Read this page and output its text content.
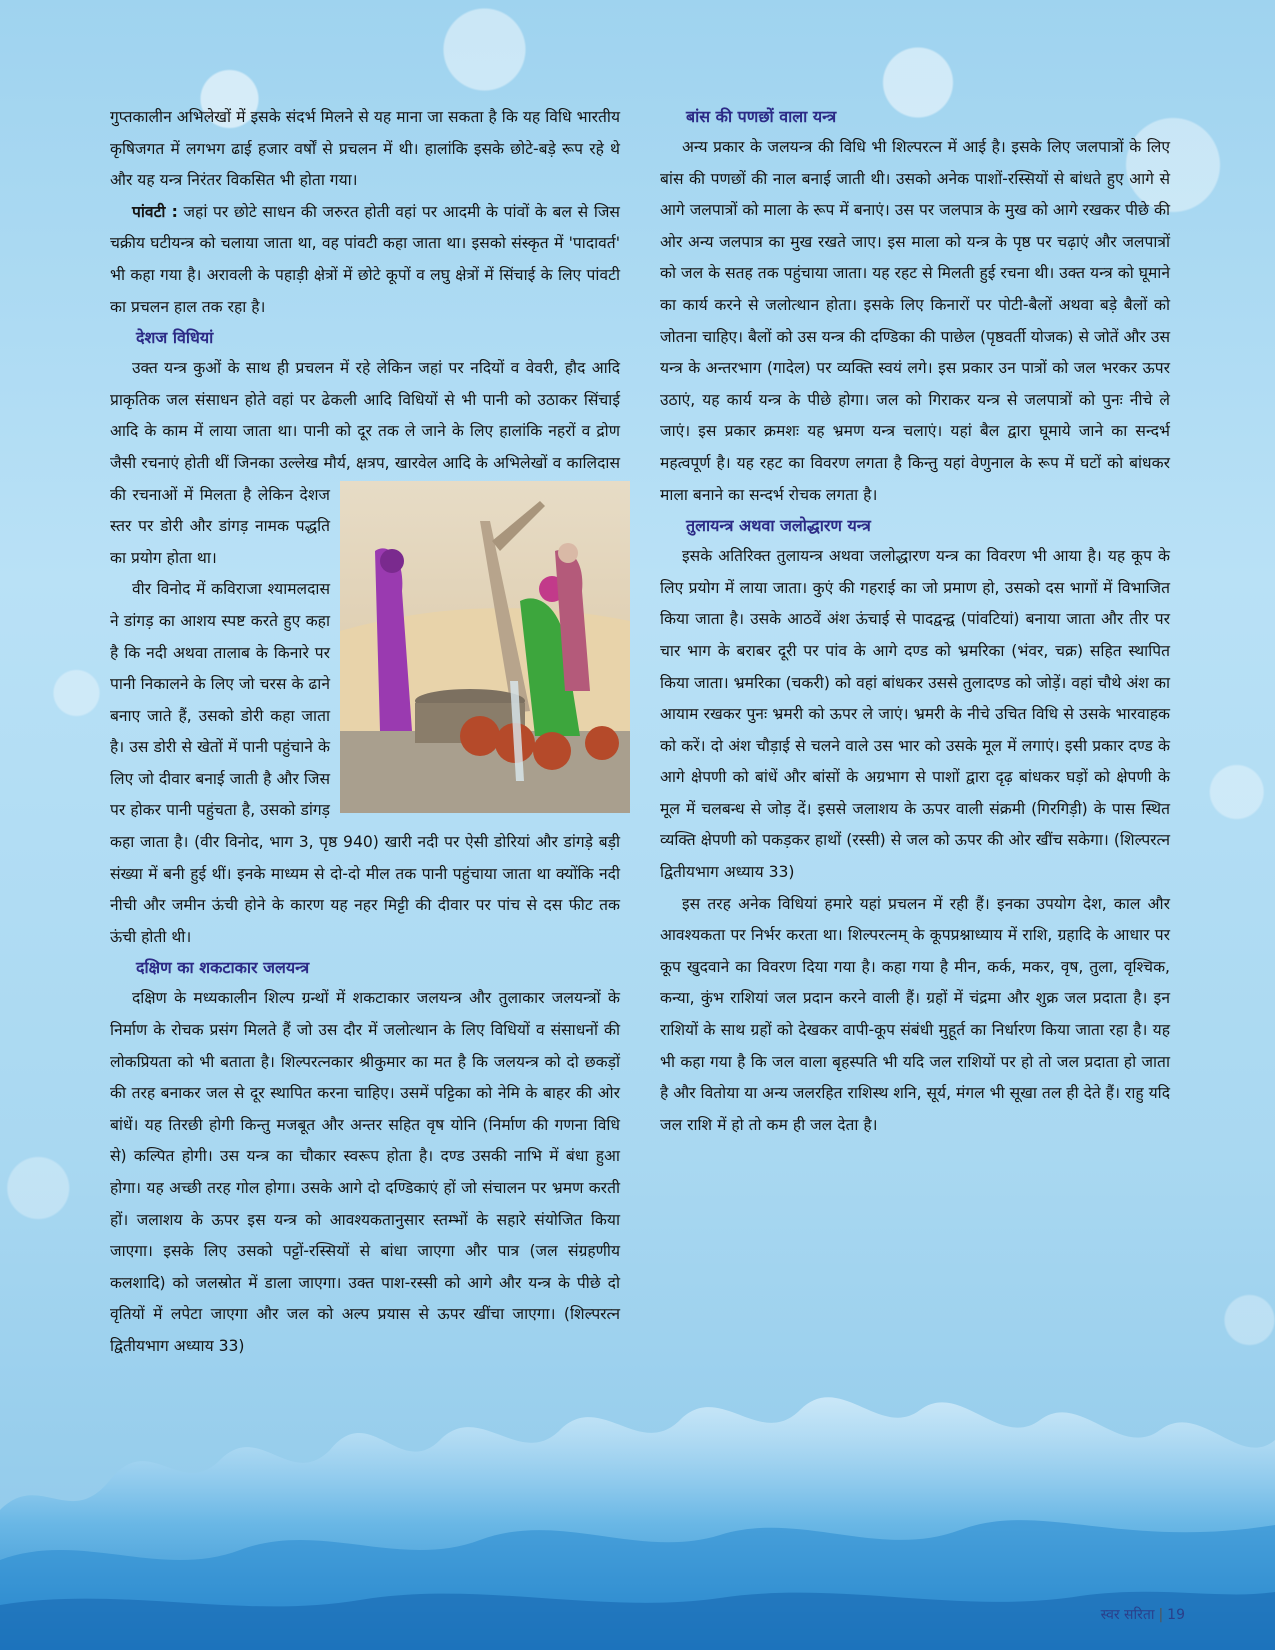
गुप्तकालीन अभिलेखों में इसके संदर्भ मिलने से यह माना जा सकता है कि यह विधि भारतीय कृषिजगत में लगभग ढाई हजार वर्षों से प्रचलन में थी। हालांकि इसके छोटे-बड़े रूप रहे थे और यह यन्त्र निरंतर विकसित भी होता गया।

पांवटी : जहां पर छोटे साधन की जरुरत होती वहां पर आदमी के पांवों के बल से जिस चक्रीय घटीयन्त्र को चलाया जाता था, वह पांवटी कहा जाता था। इसको संस्कृत में 'पादावर्त' भी कहा गया है। अरावली के पहाड़ी क्षेत्रों में छोटे कूपों व लघु क्षेत्रों में सिंचाई के लिए पांवटी का प्रचलन हाल तक रहा है।

देशज विधियां

उक्त यन्त्र कुओं के साथ ही प्रचलन में रहे लेकिन जहां पर नदियों व वेवरी, हौद आदि प्राकृतिक जल संसाधन होते वहां पर ढेकली आदि विधियों से भी पानी को उठाकर सिंचाई आदि के काम में लाया जाता था। पानी को दूर तक ले जाने के लिए हालांकि नहरों व द्रोण जैसी रचनाएं होती थीं जिनका उल्लेख मौर्य, क्षत्रप, खारवेल आदि के अभिलेखों व कालिदास की रचनाओं में मिलता है लेकिन देशज स्तर पर डोरी और डांगड़ नामक पद्धति का प्रयोग होता था।

वीर विनोद में कविराजा श्यामलदास ने डांगड़ का आशय स्पष्ट करते हुए कहा है कि नदी अथवा तालाब के किनारे पर पानी निकालने के लिए जो चरस के ढाने बनाए जाते हैं, उसको डोरी कहा जाता है। उस डोरी से खेतों में पानी पहुंचाने के लिए जो दीवार बनाई जाती है और जिस पर होकर पानी पहुंचता है, उसको डांगड़ कहा जाता है। (वीर विनोद, भाग 3, पृष्ठ 940) खारी नदी पर ऐसी डोरियां और डांगड़े बड़ी संख्या में बनी हुई थीं। इनके माध्यम से दो-दो मील तक पानी पहुंचाया जाता था क्योंकि नदी नीची और जमीन ऊंची होने के कारण यह नहर मिट्टी की दीवार पर पांच से दस फीट तक ऊंची होती थी।

दक्षिण का शकटाकार जलयन्त्र

दक्षिण के मध्यकालीन शिल्प ग्रन्थों में शकटाकार जलयन्त्र और तुलाकार जलयन्त्रों के निर्माण के रोचक प्रसंग मिलते हैं जो उस दौर में जलोत्थान के लिए विधियों व संसाधनों की लोकप्रियता को भी बताता है। शिल्परत्नकार श्रीकुमार का मत है कि जलयन्त्र को दो छकड़ों की तरह बनाकर जल से दूर स्थापित करना चाहिए। उसमें पट्टिका को नेमि के बाहर की ओर बांधें। यह तिरछी होगी किन्तु मजबूत और अन्तर सहित वृष योनि (निर्माण की गणना विधि से) कल्पित होगी। उस यन्त्र का चौकार स्वरूप होता है। दण्ड उसकी नाभि में बंधा हुआ होगा। यह अच्छी तरह गोल होगा। उसके आगे दो दण्डिकाएं हों जो संचालन पर भ्रमण करती हों। जलाशय के ऊपर इस यन्त्र को आवश्यकतानुसार स्तम्भों के सहारे संयोजित किया जाएगा। इसके लिए उसको पट्टों-रस्सियों से बांधा जाएगा और पात्र (जल संग्रहणीय कलशादि) को जलस्रोत में डाला जाएगा। उक्त पाश-रस्सी को आगे और यन्त्र के पीछे दो वृतियों में लपेटा जाएगा और जल को अल्प प्रयास से ऊपर खींचा जाएगा। (शिल्परत्न द्वितीयभाग अध्याय 33)

बांस की पणछों वाला यन्त्र

अन्य प्रकार के जलयन्त्र की विधि भी शिल्परत्न में आई है। इसके लिए जलपात्रों के लिए बांस की पणछों की नाल बनाई जाती थी। उसको अनेक पाशों-रस्सियों से बांधते हुए आगे से आगे जलपात्रों को माला के रूप में बनाएं। उस पर जलपात्र के मुख को आगे रखकर पीछे की ओर अन्य जलपात्र का मुख रखते जाए। इस माला को यन्त्र के पृष्ठ पर चढ़ाएं और जलपात्रों को जल के सतह तक पहुंचाया जाता। यह रहट से मिलती हुई रचना थी। उक्त यन्त्र को घूमाने का कार्य करने से जलोत्थान होता। इसके लिए किनारों पर पोटी-बैलों अथवा बड़े बैलों को जोतना चाहिए। बैलों को उस यन्त्र की दण्डिका की पाछेल (पृष्ठवर्ती योजक) से जोतें और उस यन्त्र के अन्तरभाग (गादेल) पर व्यक्ति स्वयं लगे। इस प्रकार उन पात्रों को जल भरकर ऊपर उठाएं, यह कार्य यन्त्र के पीछे होगा। जल को गिराकर यन्त्र से जलपात्रों को पुनः नीचे ले जाएं। इस प्रकार क्रमशः यह भ्रमण यन्त्र चलाएं। यहां बैल द्वारा घूमाये जाने का सन्दर्भ महत्वपूर्ण है। यह रहट का विवरण लगता है किन्तु यहां वेणुनाल के रूप में घटों को बांधकर माला बनाने का सन्दर्भ रोचक लगता है।

तुलायन्त्र अथवा जलोद्धारण यन्त्र

इसके अतिरिक्त तुलायन्त्र अथवा जलोद्धारण यन्त्र का विवरण भी आया है। यह कूप के लिए प्रयोग में लाया जाता। कुएं की गहराई का जो प्रमाण हो, उसको दस भागों में विभाजित किया जाता है। उसके आठवें अंश ऊंचाई से पादद्वन्द्व (पांवटियां) बनाया जाता और तीर पर चार भाग के बराबर दूरी पर पांव के आगे दण्ड को भ्रमरिका (भंवर, चक्र) सहित स्थापित किया जाता। भ्रमरिका (चकरी) को वहां बांधकर उससे तुलादण्ड को जोड़ें। वहां चौथे अंश का आयाम रखकर पुनः भ्रमरी को ऊपर ले जाएं। भ्रमरी के नीचे उचित विधि से उसके भारवाहक को करें। दो अंश चौड़ाई से चलने वाले उस भार को उसके मूल में लगाएं। इसी प्रकार दण्ड के आगे क्षेपणी को बांधें और बांसों के अग्रभाग से पाशों द्वारा दृढ़ बांधकर घड़ों को क्षेपणी के मूल में चलबन्ध से जोड़ दें। इससे जलाशय के ऊपर वाली संक्रमी (गिरगिड़ी) के पास स्थित व्यक्ति क्षेपणी को पकड़कर हाथों (रस्सी) से जल को ऊपर की ओर खींच सकेगा। (शिल्परत्न द्वितीयभाग अध्याय 33)

इस तरह अनेक विधियां हमारे यहां प्रचलन में रही हैं। इनका उपयोग देश, काल और आवश्यकता पर निर्भर करता था। शिल्परत्नम् के कूपप्रश्नाध्याय में राशि, ग्रहादि के आधार पर कूप खुदवाने का विवरण दिया गया है। कहा गया है मीन, कर्क, मकर, वृष, तुला, वृश्चिक, कन्या, कुंभ राशियां जल प्रदान करने वाली हैं। ग्रहों में चंद्रमा और शुक्र जल प्रदाता है। इन राशियों के साथ ग्रहों को देखकर वापी-कूप संबंधी मुहूर्त का निर्धारण किया जाता रहा है। यह भी कहा गया है कि जल वाला बृहस्पति भी यदि जल राशियों पर हो तो जल प्रदाता हो जाता है और वितोया या अन्य जलरहित राशिस्थ शनि, सूर्य, मंगल भी सूखा तल ही देते हैं। राहु यदि जल राशि में हो तो कम ही जल देता है।

स्वर सरिता | 19
